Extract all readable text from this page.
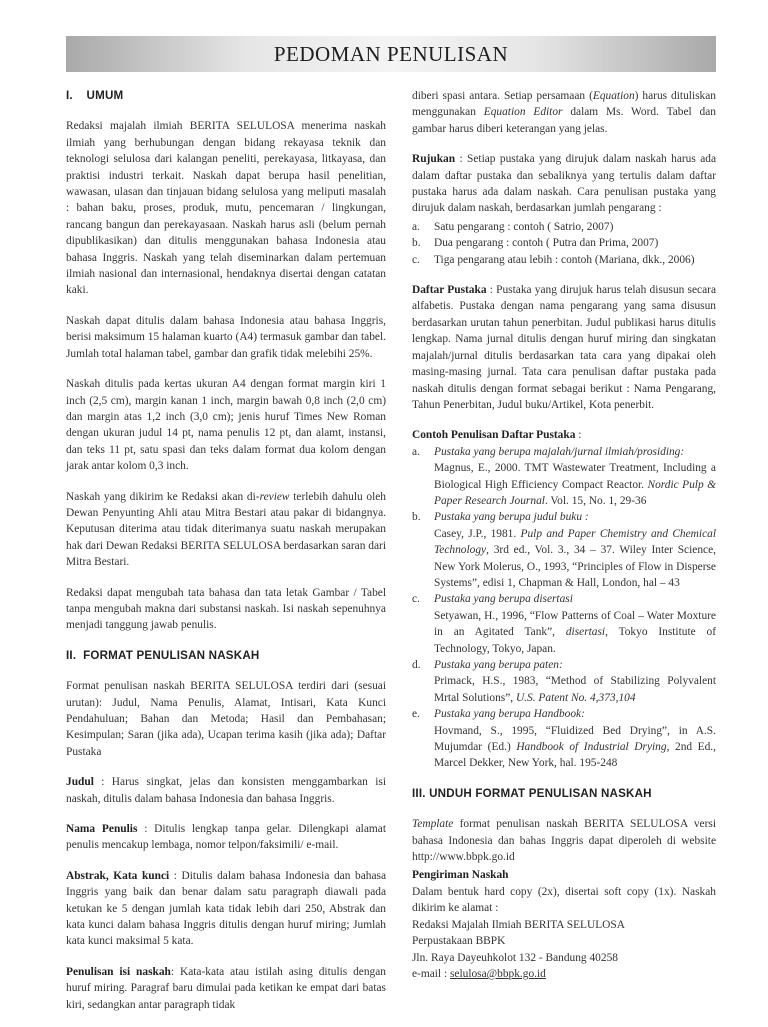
PEDOMAN PENULISAN
I.    UMUM

Redaksi majalah ilmiah BERITA SELULOSA menerima naskah ilmiah yang berhubungan dengan bidang rekayasa teknik dan teknologi selulosa dari kalangan peneliti, perekayasa, litkayasa, dan praktisi industri terkait. Naskah dapat berupa hasil penelitian, wawasan, ulasan dan tinjauan bidang selulosa yang meliputi masalah : bahan baku, proses, produk, mutu, pencemaran / lingkungan, rancang bangun dan perekayasaan. Naskah harus asli (belum pernah dipublikasikan) dan ditulis menggunakan bahasa Indonesia atau bahasa Inggris. Naskah yang telah diseminarkan dalam pertemuan ilmiah nasional dan internasional, hendaknya disertai dengan catatan kaki.

Naskah dapat ditulis dalam bahasa Indonesia atau bahasa Inggris, berisi maksimum 15 halaman kuarto (A4) termasuk gambar dan tabel. Jumlah total halaman tabel, gambar dan grafik tidak melebihi 25%.

Naskah ditulis pada kertas ukuran A4 dengan format margin kiri 1 inch (2,5 cm), margin kanan 1 inch, margin bawah 0,8 inch (2,0 cm) dan margin atas 1,2 inch (3,0 cm); jenis huruf Times New Roman dengan ukuran judul 14 pt, nama penulis 12 pt, dan alamt, instansi, dan teks 11 pt, satu spasi dan teks dalam format dua kolom dengan jarak antar kolom 0,3 inch.

Naskah yang dikirim ke Redaksi akan di-review terlebih dahulu oleh Dewan Penyunting Ahli atau Mitra Bestari atau pakar di bidangnya. Keputusan diterima atau tidak diterimanya suatu naskah merupakan hak dari Dewan Redaksi BERITA SELULOSA berdasarkan saran dari Mitra Bestari.

Redaksi dapat mengubah tata bahasa dan tata letak Gambar / Tabel tanpa mengubah makna dari substansi naskah. Isi naskah sepenuhnya menjadi tanggung jawab penulis.

II.  FORMAT PENULISAN NASKAH

Format penulisan naskah BERITA SELULOSA terdiri dari (sesuai urutan): Judul, Nama Penulis, Alamat, Intisari, Kata Kunci Pendahuluan; Bahan dan Metoda; Hasil dan Pembahasan; Kesimpulan; Saran (jika ada), Ucapan terima kasih (jika ada); Daftar Pustaka

Judul : Harus singkat, jelas dan konsisten menggambarkan isi naskah, ditulis dalam bahasa Indonesia dan bahasa Inggris.

Nama Penulis : Ditulis lengkap tanpa gelar. Dilengkapi alamat penulis mencakup lembaga, nomor telpon/faksimili/ e-mail.

Abstrak, Kata kunci : Ditulis dalam bahasa Indonesia dan bahasa Inggris yang baik dan benar dalam satu paragraph diawali pada ketukan ke 5 dengan jumlah kata tidak lebih dari 250, Abstrak dan kata kunci dalam bahasa Inggris ditulis dengan huruf miring; Jumlah kata kunci maksimal 5 kata.

Penulisan isi naskah: Kata-kata atau istilah asing ditulis dengan huruf miring. Paragraf baru dimulai pada ketikan ke empat dari batas kiri, sedangkan antar paragraph tidak

diberi spasi antara. Setiap persamaan (Equation) harus dituliskan menggunakan Equation Editor dalam Ms. Word. Tabel dan gambar harus diberi keterangan yang jelas.

Rujukan : Setiap pustaka yang dirujuk dalam naskah harus ada dalam daftar pustaka dan sebaliknya yang tertulis dalam daftar pustaka harus ada dalam naskah. Cara penulisan pustaka yang dirujuk dalam naskah, berdasarkan jumlah pengarang :

a. Satu pengarang : contoh ( Satrio, 2007)
b. Dua pengarang : contoh ( Putra dan Prima, 2007)
c. Tiga pengarang atau lebih : contoh (Mariana, dkk., 2006)

Daftar Pustaka : Pustaka yang dirujuk harus telah disusun secara alfabetis. Pustaka dengan nama pengarang yang sama disusun berdasarkan urutan tahun penerbitan. Judul publikasi harus ditulis lengkap. Nama jurnal ditulis dengan huruf miring dan singkatan majalah/jurnal ditulis berdasarkan tata cara yang dipakai oleh masing-masing jurnal. Tata cara penulisan daftar pustaka pada naskah ditulis dengan format sebagai berikut : Nama Pengarang, Tahun Penerbitan, Judul buku/Artikel, Kota penerbit.

Contoh Penulisan Daftar Pustaka :

a. Pustaka yang berupa majalah/jurnal ilmiah/prosiding:
Magnus, E., 2000. TMT Wastewater Treatment, Including a Biological High Efficiency Compact Reactor. Nordic Pulp & Paper Research Journal. Vol. 15, No. 1, 29-36
b. Pustaka yang berupa judul buku :
Casey, J.P., 1981. Pulp and Paper Chemistry and Chemical Technology, 3rd ed., Vol. 3., 34 – 37. Wiley Inter Science, New York Molerus, O., 1993, “Principles of Flow in Disperse Systems”, edisi 1, Chapman & Hall, London, hal – 43
c. Pustaka yang berupa disertasi
Setyawan, H., 1996, “Flow Patterns of Coal – Water Moxture in an Agitated Tank”, disertasi, Tokyo Institute of Technology, Tokyo, Japan.
d. Pustaka yang berupa paten:
Primack, H.S., 1983, “Method of Stabilizing Polyvalent Mrtal Solutions”, U.S. Patent No. 4,373,104
e. Pustaka yang berupa Handbook:
Hovmand, S., 1995, “Fluidized Bed Drying”, in A.S. Mujumdar (Ed.) Handbook of Industrial Drying, 2nd Ed., Marcel Dekker, New York, hal. 195-248
III. UNDUH FORMAT PENULISAN NASKAH

Template format penulisan naskah BERITA SELULOSA versi bahasa Indonesia dan bahas Inggris dapat diperoleh di website http://www.bbpk.go.id

Pengiriman Naskah

Dalam bentuk hard copy (2x), disertai soft copy (1x). Naskah dikirim ke alamat :

Redaksi Majalah Ilmiah BERITA SELULOSA

Perpustakaan BBPK

Jln. Raya Dayeuhkolot 132 - Bandung 40258

e-mail : selulosa@bbpk.go.id
